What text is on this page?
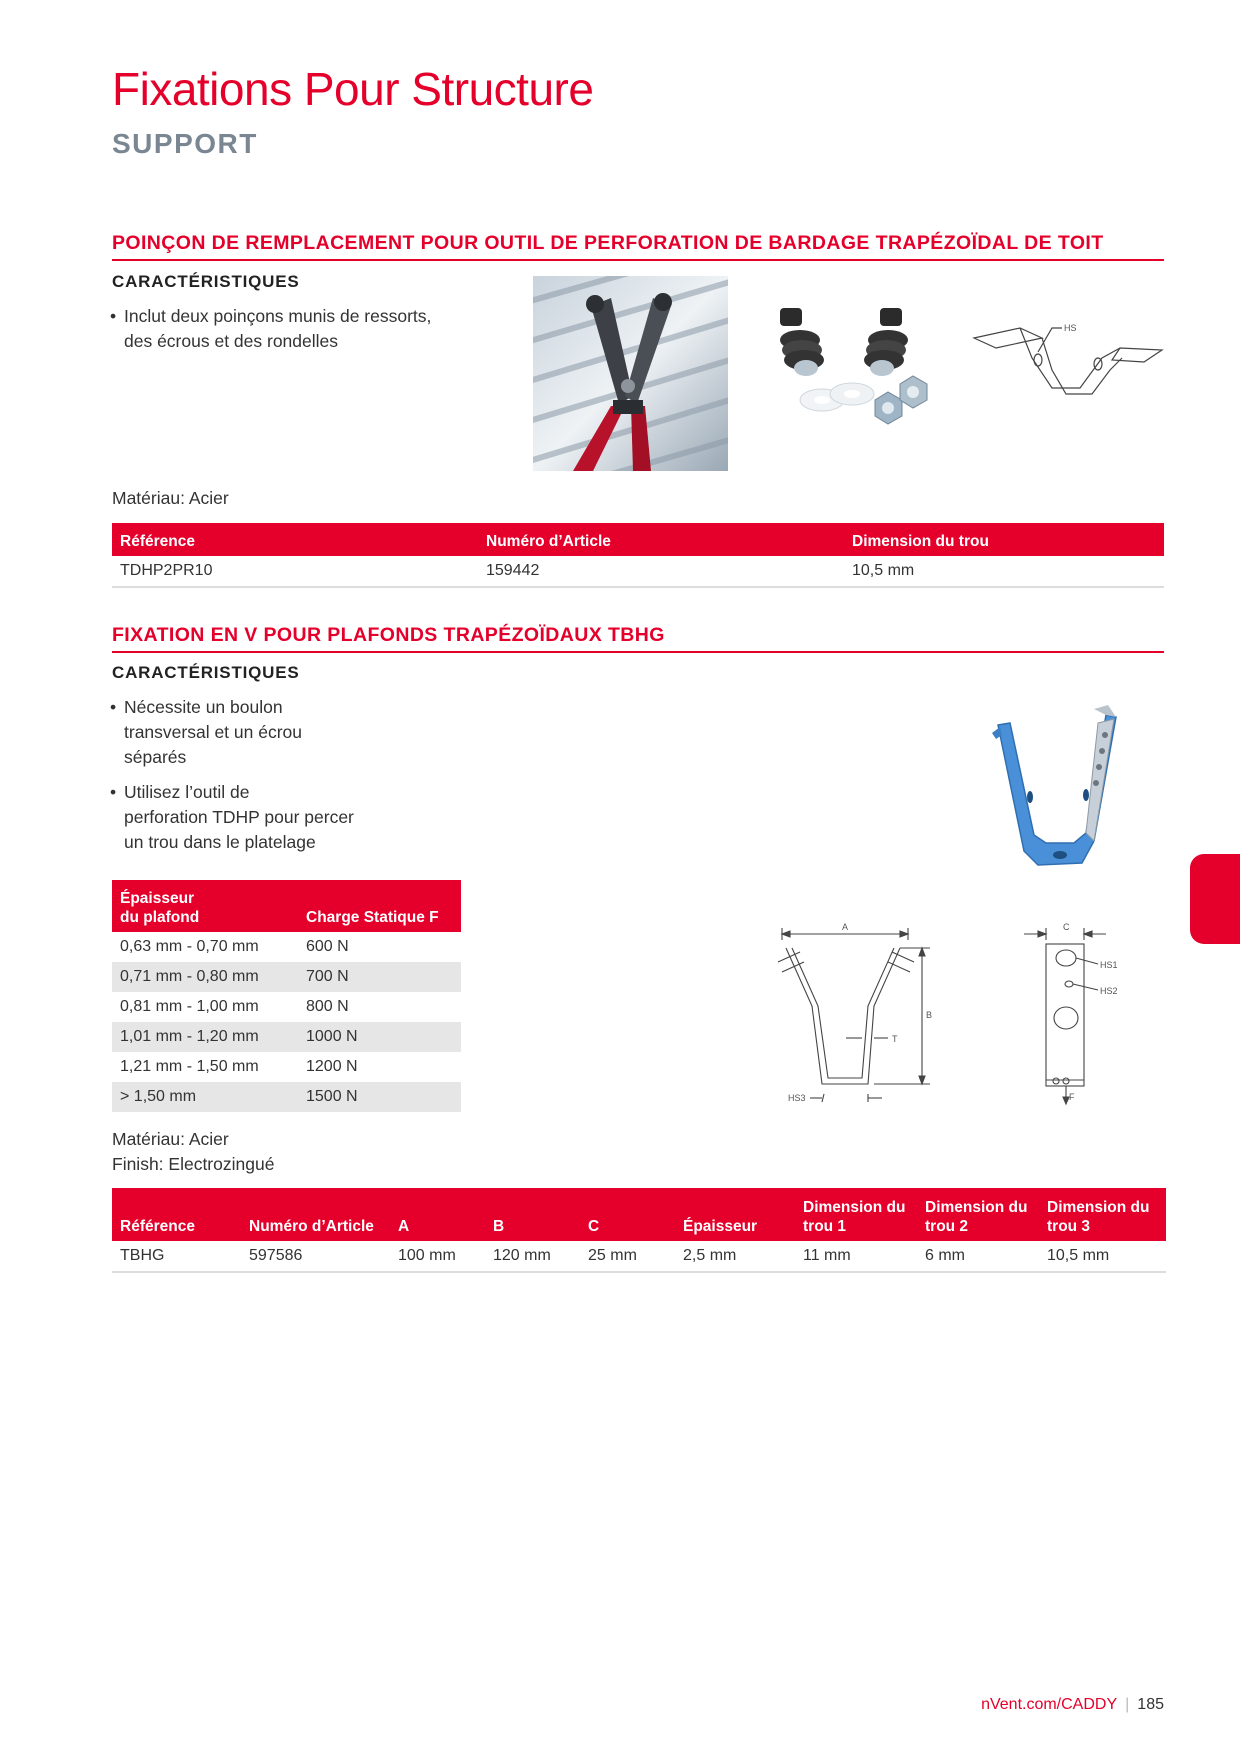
Fixations Pour Structure
SUPPORT
POINÇON DE REMPLACEMENT POUR OUTIL DE PERFORATION DE BARDAGE TRAPÉZOÏDAL DE TOIT
CARACTÉRISTIQUES
• Inclut deux poinçons munis de ressorts,
des écrous et des rondelles
HS
Matériau: Acier
Référence	Numéro d’Article	Dimension du trou
TDHP2PR10	159442	10,5 mm
FIXATION EN V POUR PLAFONDS TRAPÉZOÏDAUX TBHG
CARACTÉRISTIQUES
• Nécessite un boulon
transversal et un écrou
séparés
• Utilisez l’outil de
perforation TDHP pour percer
un trou dans le platelage
Épaisseur
du plafond	Charge Statique F
0,63 mm - 0,70 mm	600 N
0,71 mm - 0,80 mm	700 N
0,81 mm - 1,00 mm	800 N
1,01 mm - 1,20 mm	1000 N
1,21 mm - 1,50 mm	1200 N
> 1,50 mm	1500 N
A
B
T
HS3
C
HS1
HS2
F
Matériau: Acier
Finish: Electrozingué
Référence	Numéro d’Article	A	B	C	Épaisseur	Dimension du
trou 1	Dimension du
trou 2	Dimension du
trou 3
TBHG	597586	100 mm	120 mm	25 mm	2,5 mm	11 mm	6 mm	10,5 mm
nVent.com/CADDY | 185
